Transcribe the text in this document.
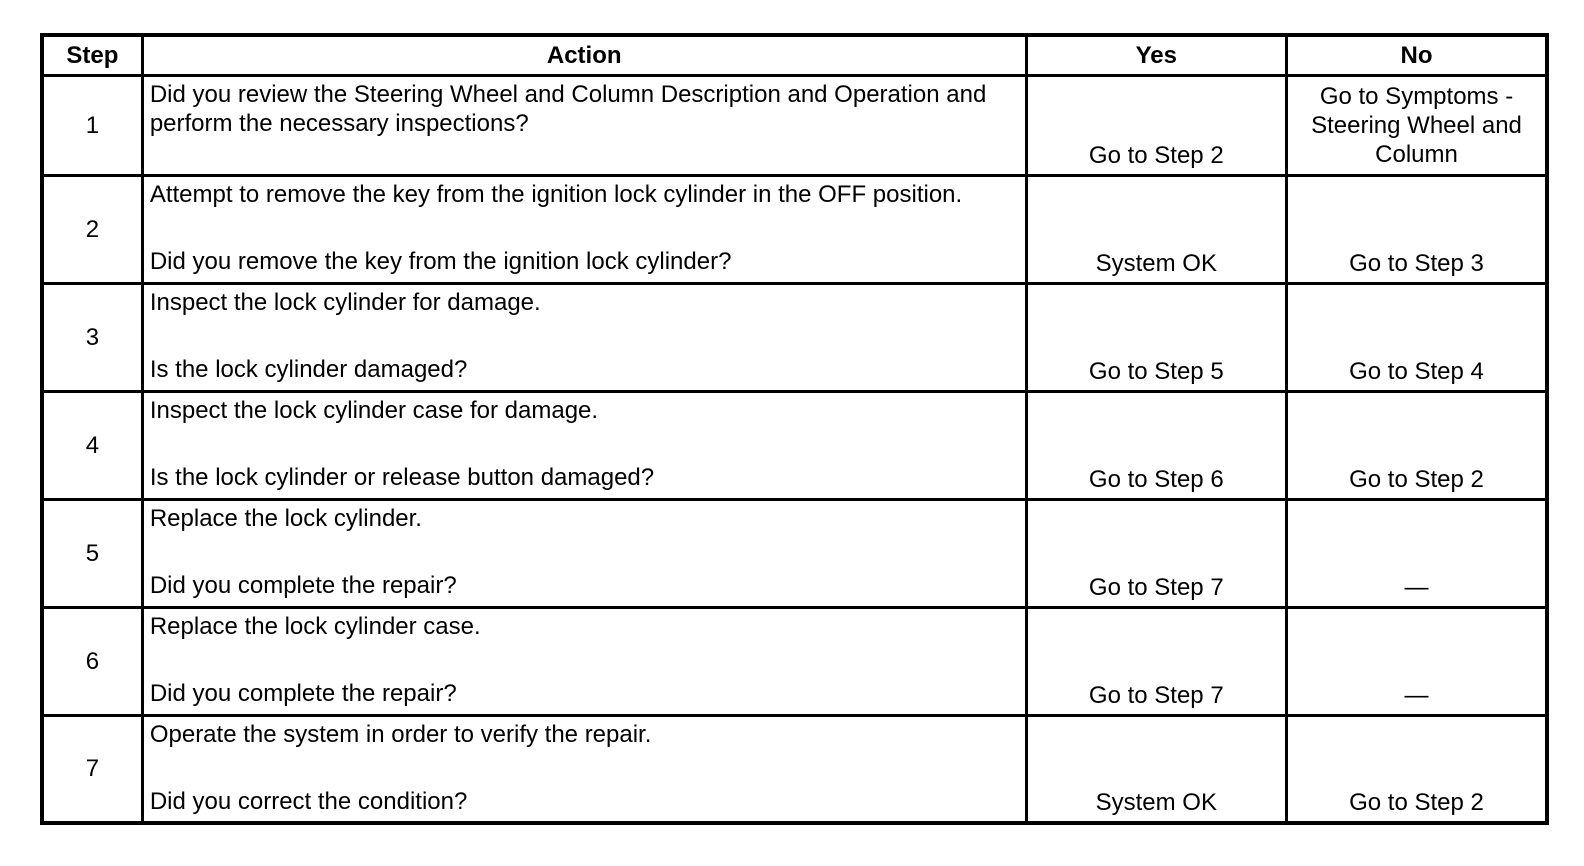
Step	Action	Yes	No
1	Did you review the Steering Wheel and Column Description and Operation and perform the necessary inspections?	Go to Step 2	Go to Symptoms - Steering Wheel and Column
2	Attempt to remove the key from the ignition lock cylinder in the OFF position.
Did you remove the key from the ignition lock cylinder?	System OK	Go to Step 3
3	Inspect the lock cylinder for damage.
Is the lock cylinder damaged?	Go to Step 5	Go to Step 4
4	Inspect the lock cylinder case for damage.
Is the lock cylinder or release button damaged?	Go to Step 6	Go to Step 2
5	Replace the lock cylinder.
Did you complete the repair?	Go to Step 7	—
6	Replace the lock cylinder case.
Did you complete the repair?	Go to Step 7	—
7	Operate the system in order to verify the repair.
Did you correct the condition?	System OK	Go to Step 2
